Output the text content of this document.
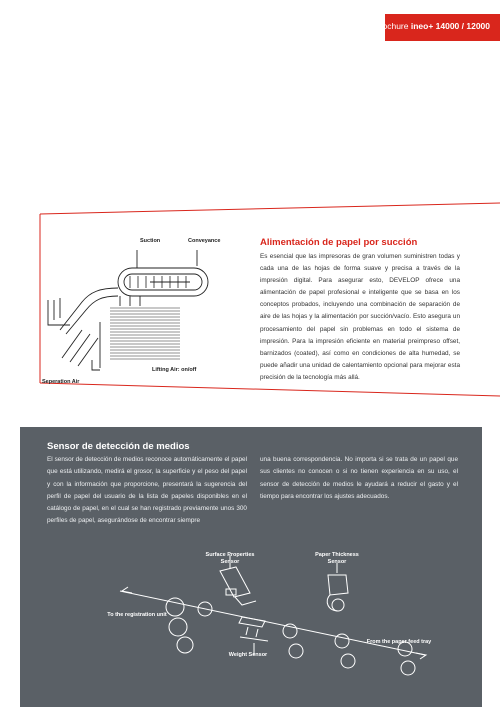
Brochure ineo+ 14000 / 12000
Suction	Conveyance
Seperation Air
Lifting Air: on/off
Alimentación de papel por succión
Es esencial que las impresoras de gran volumen suministren todas y cada una de las hojas de forma suave y precisa a través de la impresión digital. Para asegurar esto, DEVELOP ofrece una alimentación de papel profesional e inteligente que se basa en los conceptos probados, incluyendo una combinación de separación de aire de las hojas y la alimentación por succión/vacío. Esto asegura un procesamiento del papel sin problemas en todo el sistema de impresión. Para la impresión eficiente en material preimpreso offset, barnizados (coated), así como en condiciones de alta humedad, se puede añadir una unidad de calentamiento opcional para mejorar esta precisión de la tecnología más allá.
Sensor de detección de medios
El sensor de detección de medios reconoce automáticamente el papel que está utilizando, medirá el grosor, la superficie y el peso del papel y con la información que proporcione, presentará la sugerencia del perfil de papel del usuario de la lista de papeles disponibles en el catálogo de papel, en el cual se han registrado previamente unos 300 perfiles de papel, asegurándose de encontrar siempre
una buena correspondencia. No importa si se trata de un papel que sus clientes no conocen o si no tienen experiencia en su uso, el sensor de detección de medios le ayudará a reducir el gasto y el tiempo para encontrar los ajustes adecuados.
Surface Properties Sensor
Paper Thickness Sensor
To the registration unit
Weight Sensor
From the paper feed tray
